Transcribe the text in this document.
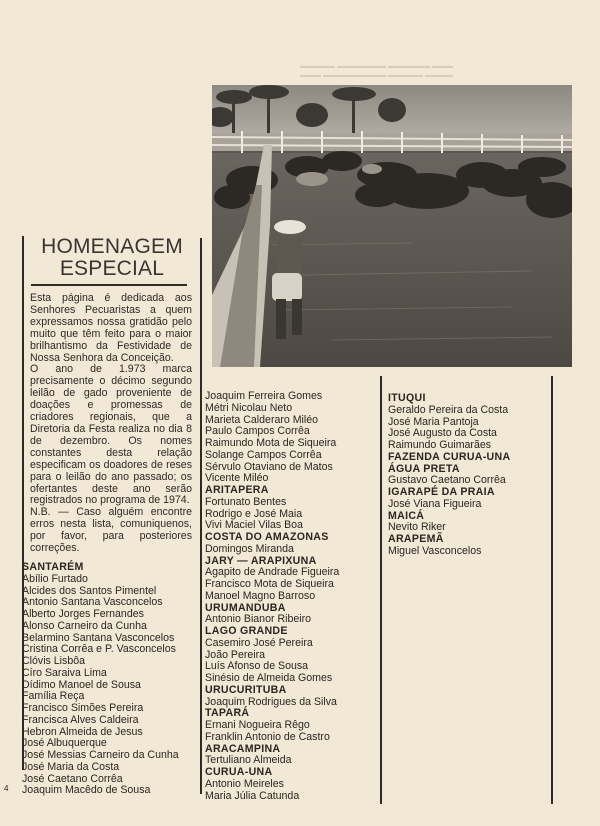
▬▬▬ ▬▬▬▬▬▬ ▬▬▬▬▬▬▬ ▬▬▬▬▬
▬▬▬▬ ▬▬▬▬▬ ▬▬▬▬▬▬▬▬▬ ▬▬▬
HOMENAGEM
ESPECIAL

Esta página é dedicada aos Senhores Pecuaristas a quem expressamos nossa gratidão pelo muito que têm feito para o maior brilhantismo da Festividade de Nossa Senhora da Conceição.

O ano de 1.973 marca precisamente o décimo segundo leilão de gado proveniente de doações e promessas de criadores regionais, que a Diretoria da Festa realiza no dia 8 de dezembro. Os nomes constantes desta relação especificam os doadores de reses para o leilão do ano passado; os ofertantes deste ano serão registrados no programa de 1974.

N.B. — Caso alguém encontre erros nesta lista, comuniquenos, por favor, para posteriores correções.

SANTARÉM
Abílio Furtado
Alcides dos Santos Pimentel
Antonio Santana Vasconcelos
Alberto Jorges Fernandes
Alonso Carneiro da Cunha
Belarmino Santana Vasconcelos
Cristina Corrêa e P. Vasconcelos
Clóvis Lisbôa
Círo Saraiva Lima
Dídimo Manoel de Sousa
Família Reça
Francisco Simões Pereira
Francisca Alves Caldeira
Hebron Almeida de Jesus
José Albuquerque
José Messias Carneiro da Cunha
José Maria da Costa
José Caetano Corrêa
Joaquim Macêdo de Sousa
Joaquim Ferreira Gomes
Métri Nicolau Neto
Marieta Calderaro Miléo
Paulo Campos Corrêa
Raimundo Mota de Siqueira
Solange Campos Corrêa
Sérvulo Otaviano de Matos
Vicente Miléo
ARITAPERA
Fortunato Bentes
Rodrigo e José Maia
Vivi Maciel Vilas Boa
COSTA DO AMAZONAS
Domingos Miranda
JARY — ARAPIXUNA
Agapito de Andrade Figueira
Francisco Mota de Siqueira
Manoel Magno Barroso
URUMANDUBA
Antonio Bianor Ribeiro
LAGO GRANDE
Casemiro José Pereira
João Pereira
Luís Afonso de Sousa
Sinésio de Almeida Gomes
URUCURITUBA
Joaquim Rodrigues da Silva
TAPARÁ
Ernani Nogueira Rêgo
Franklin Antonio de Castro
ARACAMPINA
Tertuliano Almeida
CURUA-UNA
Antonio Meireles
Maria Júlia Catunda
ITUQUI
Geraldo Pereira da Costa
José Maria Pantoja
José Augusto da Costa
Raimundo Guimarães
FAZENDA CURUA-UNA
ÁGUA PRETA
Gustavo Caetano Corrêa
IGARAPÉ DA PRAIA
José Viana Figueira
MAICÁ
Nevito Riker
ARAPEMÃ
Miguel Vasconcelos
4
